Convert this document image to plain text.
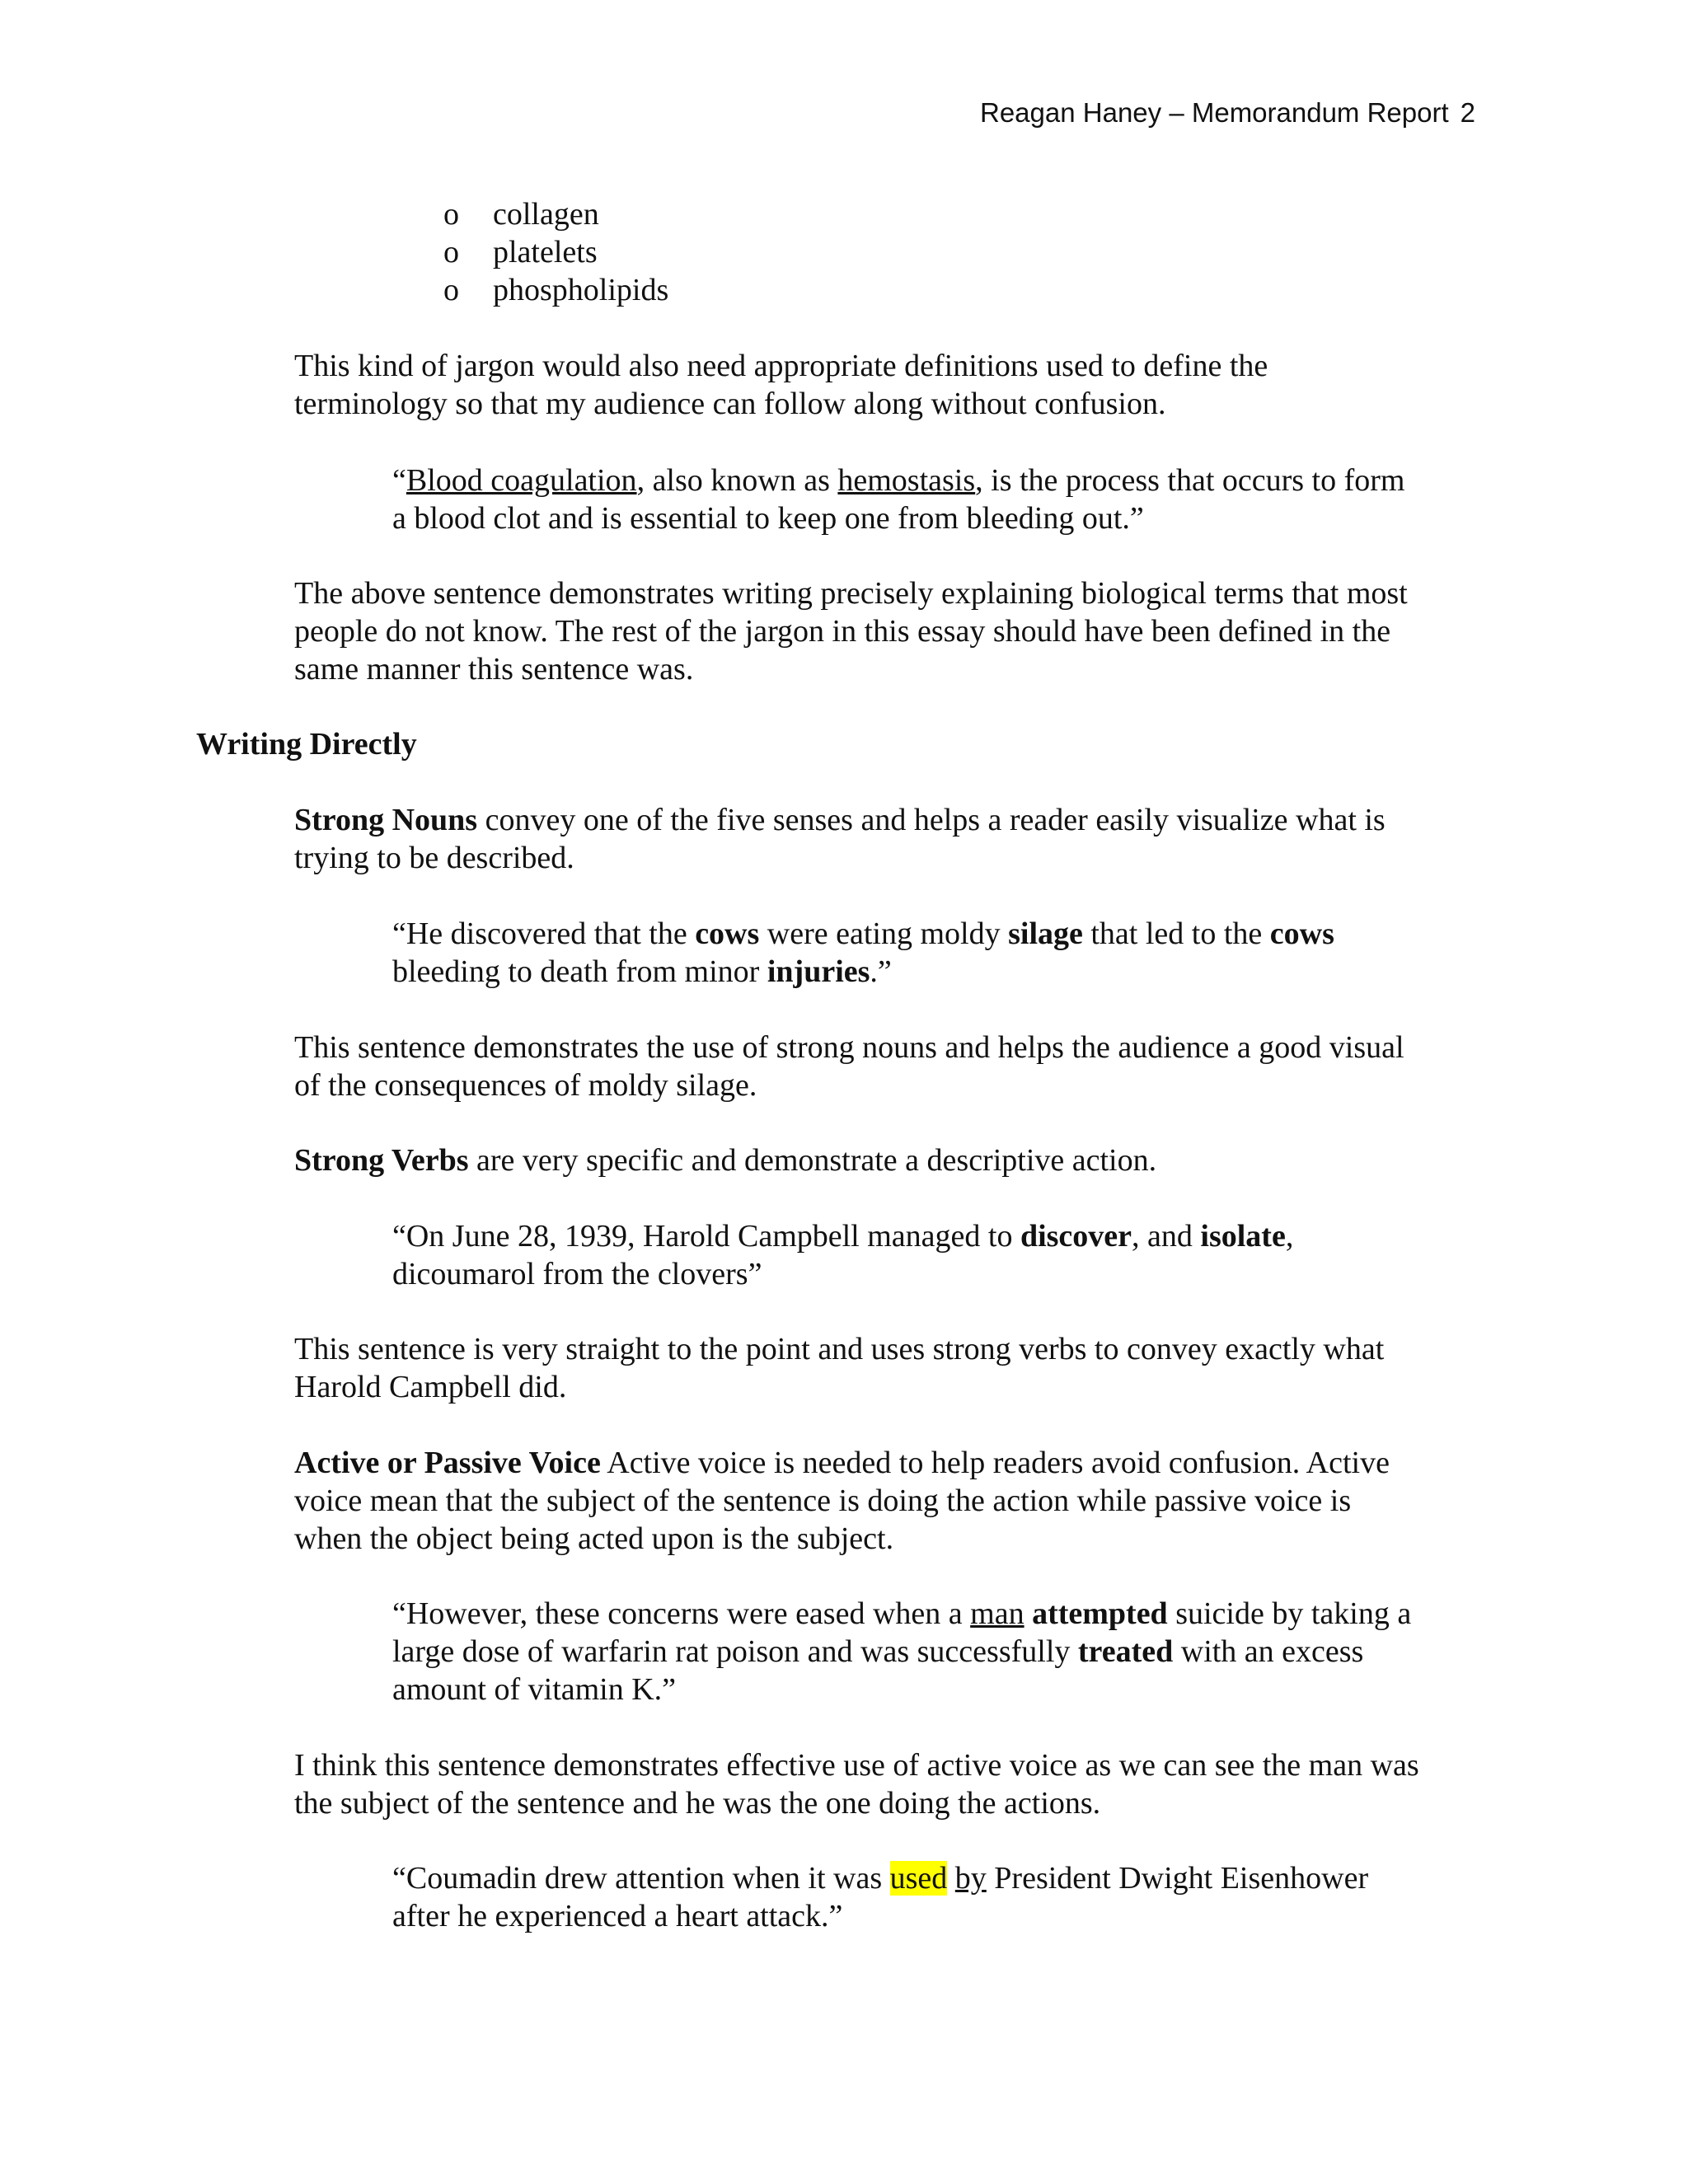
Reagan Haney – Memorandum Report 2
o collagen
o platelets
o phospholipids
This kind of jargon would also need appropriate definitions used to define the
terminology so that my audience can follow along without confusion.
“Blood coagulation, also known as hemostasis, is the process that occurs to form
a blood clot and is essential to keep one from bleeding out.”
The above sentence demonstrates writing precisely explaining biological terms that most
people do not know. The rest of the jargon in this essay should have been defined in the
same manner this sentence was.
Writing Directly
Strong Nouns convey one of the five senses and helps a reader easily visualize what is
trying to be described.
“He discovered that the cows were eating moldy silage that led to the cows
bleeding to death from minor injuries.”
This sentence demonstrates the use of strong nouns and helps the audience a good visual
of the consequences of moldy silage.
Strong Verbs are very specific and demonstrate a descriptive action.
“On June 28, 1939, Harold Campbell managed to discover, and isolate,
dicoumarol from the clovers”
This sentence is very straight to the point and uses strong verbs to convey exactly what
Harold Campbell did.
Active or Passive Voice Active voice is needed to help readers avoid confusion. Active
voice mean that the subject of the sentence is doing the action while passive voice is
when the object being acted upon is the subject.
“However, these concerns were eased when a man attempted suicide by taking a
large dose of warfarin rat poison and was successfully treated with an excess
amount of vitamin K.”
I think this sentence demonstrates effective use of active voice as we can see the man was
the subject of the sentence and he was the one doing the actions.
“Coumadin drew attention when it was used by President Dwight Eisenhower
after he experienced a heart attack.”
